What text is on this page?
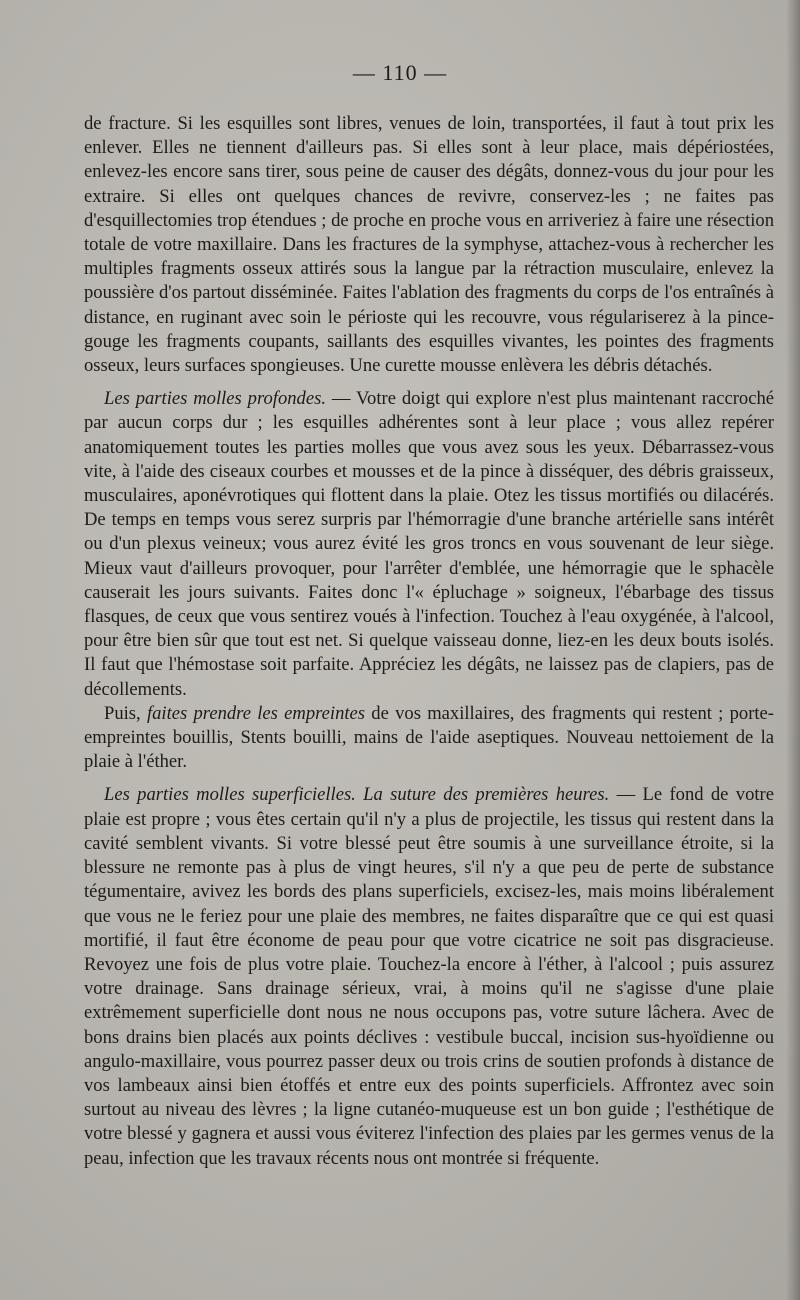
— 110 —

de fracture. Si les esquilles sont libres, venues de loin, transportées, il faut à tout prix les enlever. Elles ne tiennent d'ailleurs pas. Si elles sont à leur place, mais dépériostées, enlevez-les encore sans tirer, sous peine de causer des dégâts, donnez-vous du jour pour les extraire. Si elles ont quelques chances de revivre, conservez-les ; ne faites pas d'esquillectomies trop étendues ; de proche en proche vous en arriveriez à faire une résection totale de votre maxillaire. Dans les fractures de la symphyse, attachez-vous à rechercher les multiples fragments osseux attirés sous la langue par la rétraction musculaire, enlevez la poussière d'os partout disséminée. Faites l'ablation des fragments du corps de l'os entraînés à distance, en ruginant avec soin le périoste qui les recouvre, vous régulariserez à la pince-gouge les fragments coupants, saillants des esquilles vivantes, les pointes des fragments osseux, leurs surfaces spongieuses. Une curette mousse enlèvera les débris détachés.

Les parties molles profondes. — Votre doigt qui explore n'est plus maintenant raccroché par aucun corps dur ; les esquilles adhérentes sont à leur place ; vous allez repérer anatomiquement toutes les parties molles que vous avez sous les yeux. Débarrassez-vous vite, à l'aide des ciseaux courbes et mousses et de la pince à disséquer, des débris graisseux, musculaires, aponévrotiques qui flottent dans la plaie. Otez les tissus mortifiés ou dilacérés. De temps en temps vous serez surpris par l'hémorragie d'une branche artérielle sans intérêt ou d'un plexus veineux; vous aurez évité les gros troncs en vous souvenant de leur siège. Mieux vaut d'ailleurs provoquer, pour l'arrêter d'emblée, une hémorragie que le sphacèle causerait les jours suivants. Faites donc l'« épluchage » soigneux, l'ébarbage des tissus flasques, de ceux que vous sentirez voués à l'infection. Touchez à l'eau oxygénée, à l'alcool, pour être bien sûr que tout est net. Si quelque vaisseau donne, liez-en les deux bouts isolés. Il faut que l'hémostase soit parfaite. Appréciez les dégâts, ne laissez pas de clapiers, pas de décollements.

Puis, faites prendre les empreintes de vos maxillaires, des fragments qui restent ; porte-empreintes bouillis, Stents bouilli, mains de l'aide aseptiques. Nouveau nettoiement de la plaie à l'éther.

Les parties molles superficielles. La suture des premières heures. — Le fond de votre plaie est propre ; vous êtes certain qu'il n'y a plus de projectile, les tissus qui restent dans la cavité semblent vivants. Si votre blessé peut être soumis à une surveillance étroite, si la blessure ne remonte pas à plus de vingt heures, s'il n'y a que peu de perte de substance tégumentaire, avivez les bords des plans superficiels, excisez-les, mais moins libéralement que vous ne le feriez pour une plaie des membres, ne faites disparaître que ce qui est quasi mortifié, il faut être économe de peau pour que votre cicatrice ne soit pas disgracieuse. Revoyez une fois de plus votre plaie. Touchez-la encore à l'éther, à l'alcool ; puis assurez votre drainage. Sans drainage sérieux, vrai, à moins qu'il ne s'agisse d'une plaie extrêmement superficielle dont nous ne nous occupons pas, votre suture lâchera. Avec de bons drains bien placés aux points déclives : vestibule buccal, incision sus-hyoïdienne ou angulo-maxillaire, vous pourrez passer deux ou trois crins de soutien profonds à distance de vos lambeaux ainsi bien étoffés et entre eux des points superficiels. Affrontez avec soin surtout au niveau des lèvres ; la ligne cutanéo-muqueuse est un bon guide ; l'esthétique de votre blessé y gagnera et aussi vous éviterez l'infection des plaies par les germes venus de la peau, infection que les travaux récents nous ont montrée si fréquente.
